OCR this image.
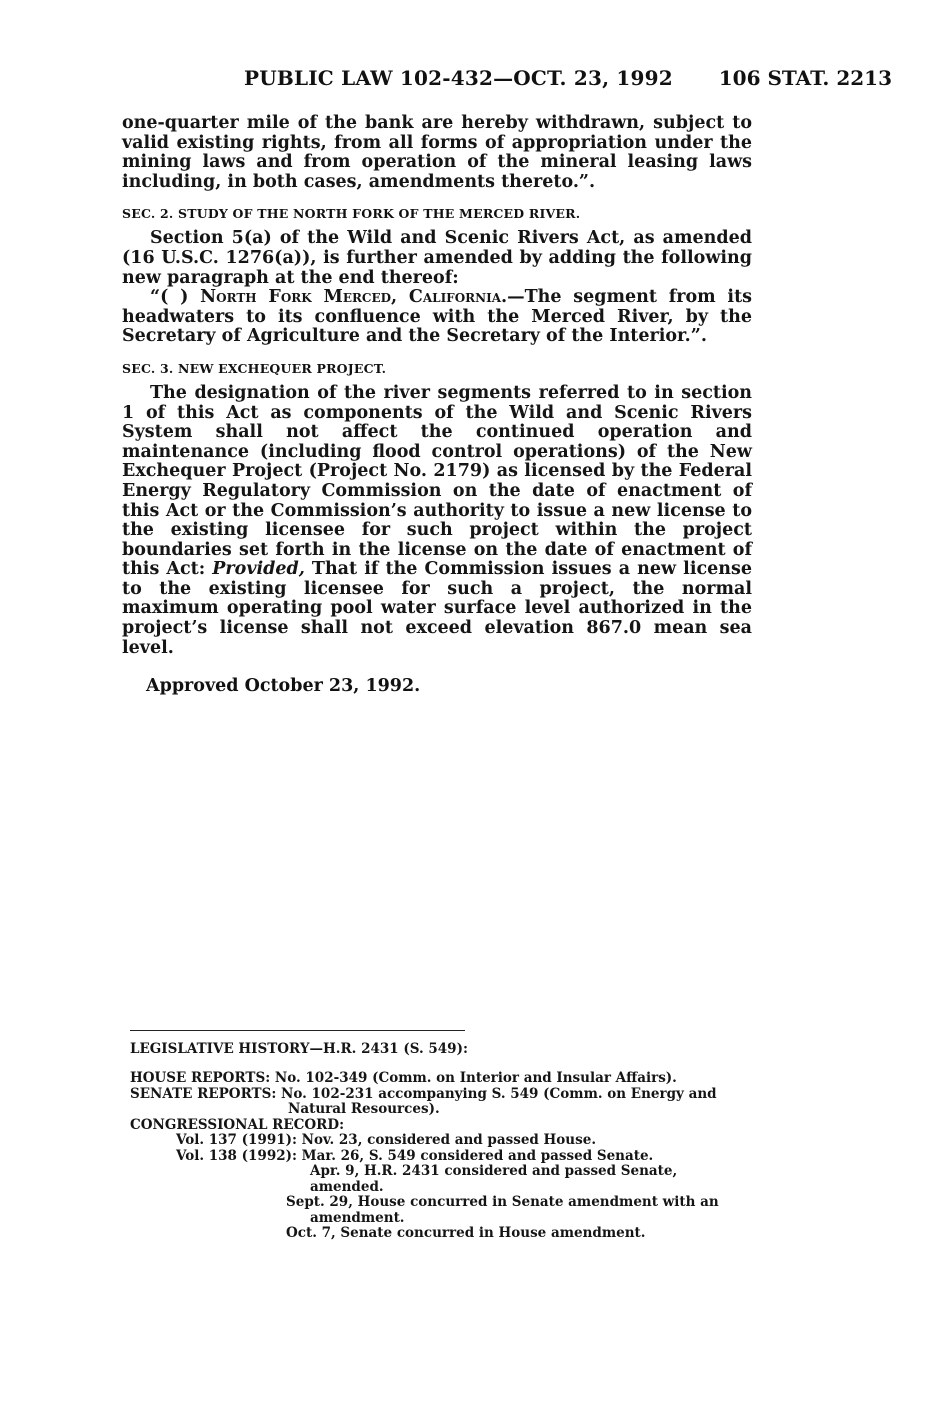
PUBLIC LAW 102-432—OCT. 23, 1992 106 STAT. 2213

one-quarter mile of the bank are hereby withdrawn, subject to valid existing rights, from all forms of appropriation under the mining laws and from operation of the mineral leasing laws including, in both cases, amendments thereto.”.

SEC. 2. STUDY OF THE NORTH FORK OF THE MERCED RIVER.

Section 5(a) of the Wild and Scenic Rivers Act, as amended (16 U.S.C. 1276(a)), is further amended by adding the following new paragraph at the end thereof:

“( ) North Fork Merced, California.—The segment from its headwaters to its confluence with the Merced River, by the Secretary of Agriculture and the Secretary of the Interior.”.

SEC. 3. NEW EXCHEQUER PROJECT.

The designation of the river segments referred to in section 1 of this Act as components of the Wild and Scenic Rivers System shall not affect the continued operation and maintenance (including flood control operations) of the New Exchequer Project (Project No. 2179) as licensed by the Federal Energy Regulatory Commission on the date of enactment of this Act or the Commission’s authority to issue a new license to the existing licensee for such project within the project boundaries set forth in the license on the date of enactment of this Act: Provided, That if the Commission issues a new license to the existing licensee for such a project, the normal maximum operating pool water surface level authorized in the project’s license shall not exceed elevation 867.0 mean sea level.

Approved October 23, 1992.
LEGISLATIVE HISTORY—H.R. 2431 (S. 549):
HOUSE REPORTS: No. 102-349 (Comm. on Interior and Insular Affairs).
SENATE REPORTS: No. 102-231 accompanying S. 549 (Comm. on Energy and
Natural Resources).
CONGRESSIONAL RECORD:
Vol. 137 (1991): Nov. 23, considered and passed House.
Vol. 138 (1992): Mar. 26, S. 549 considered and passed Senate.
Apr. 9, H.R. 2431 considered and passed Senate, amended.
Sept. 29, House concurred in Senate amendment with an
amendment.
Oct. 7, Senate concurred in House amendment.
